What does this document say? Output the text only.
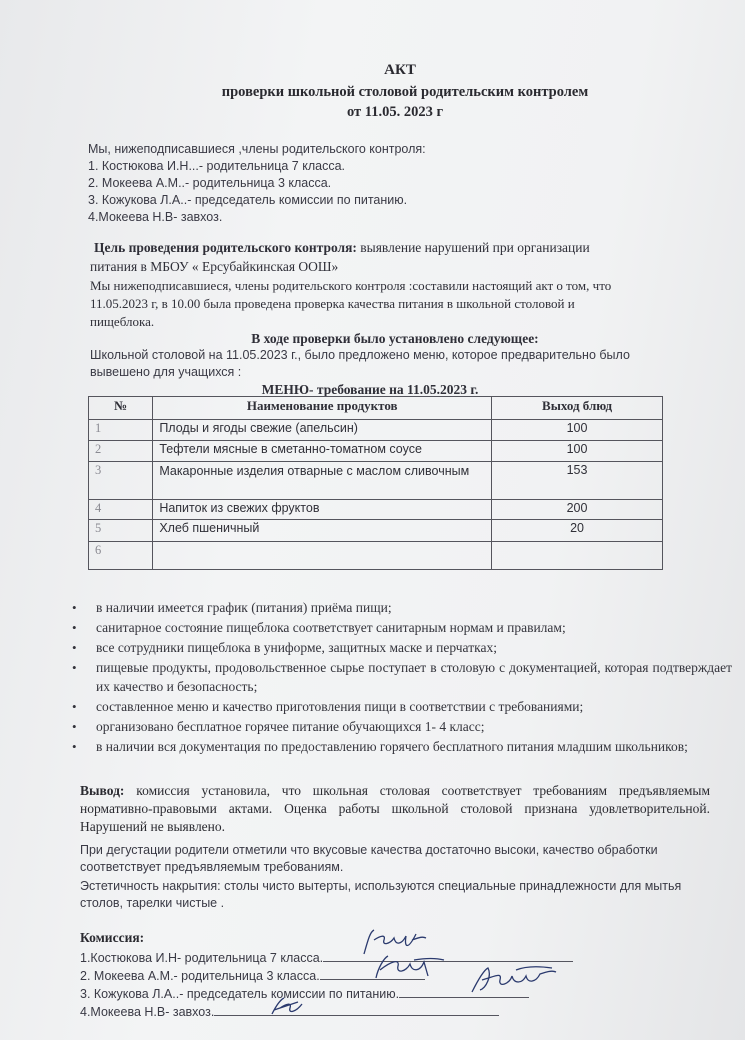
АКТ
проверки школьной столовой родительским контролем
от 11.05. 2023 г
Мы, нижеподписавшиеся ,члены родительского контроля:
1. Костюкова И.Н...- родительница 7 класса.
2. Мокеева А.М..- родительница 3 класса.
3. Кожукова Л.А..- председатель комиссии по питанию.
4.Мокеева Н.В- завхоз.
Цель проведения родительского контроля: выявление нарушений при организации
питания в МБОУ « Ерсубайкинская ООШ»
Мы нижеподписавшиеся, члены родительского контроля :составили настоящий акт о том, что
11.05.2023 г, в 10.00 была проведена проверка качества питания в школьной столовой и
пищеблока.
В ходе проверки было установлено следующее:
Школьной столовой на 11.05.2023 г., было предложено меню, которое предварительно было
вывешено для учащихся :
МЕНЮ- требование на 11.05.2023 г.
№	Наименование продуктов	Выход блюд
1	Плоды и ягоды свежие (апельсин)	100
2	Тефтели мясные в сметанно-томатном соусе	100
3	Макаронные изделия отварные с маслом сливочным	153
4	Напиток из свежих фруктов	200
5	Хлеб пшеничный	20
6		
• в наличии имеется график (питания) приёма пищи;
• санитарное состояние пищеблока соответствует санитарным нормам и правилам;
• все сотрудники пищеблока в униформе, защитных маске и перчатках;
• пищевые продукты, продовольственное сырье поступает в столовую с документацией, которая подтверждает их качество и безопасность;
• составленное меню и качество приготовления пищи в соответствии с требованиями;
• организовано бесплатное горячее питание обучающихся 1- 4 класс;
• в наличии вся документация по предоставлению горячего бесплатного питания младшим школьников;
Вывод: комиссия установила, что школьная столовая соответствует требованиям предъявляемым нормативно-правовыми актами. Оценка работы школьной столовой признана удовлетворительной. Нарушений не выявлено.
При дегустации родители отметили что вкусовые качества достаточно высоки, качество обработки соответствует предъявляемым требованиям.
Эстетичность накрытия: столы чисто вытерты, используются специальные принадлежности для мытья столов, тарелки чистые .
Комиссия:
1.Костюкова И.Н- родительница 7 класса.
2. Мокеева А.М.- родительница 3 класса.
3. Кожукова Л.А..- председатель комиссии по питанию.
4.Мокеева Н.В- завхоз.
